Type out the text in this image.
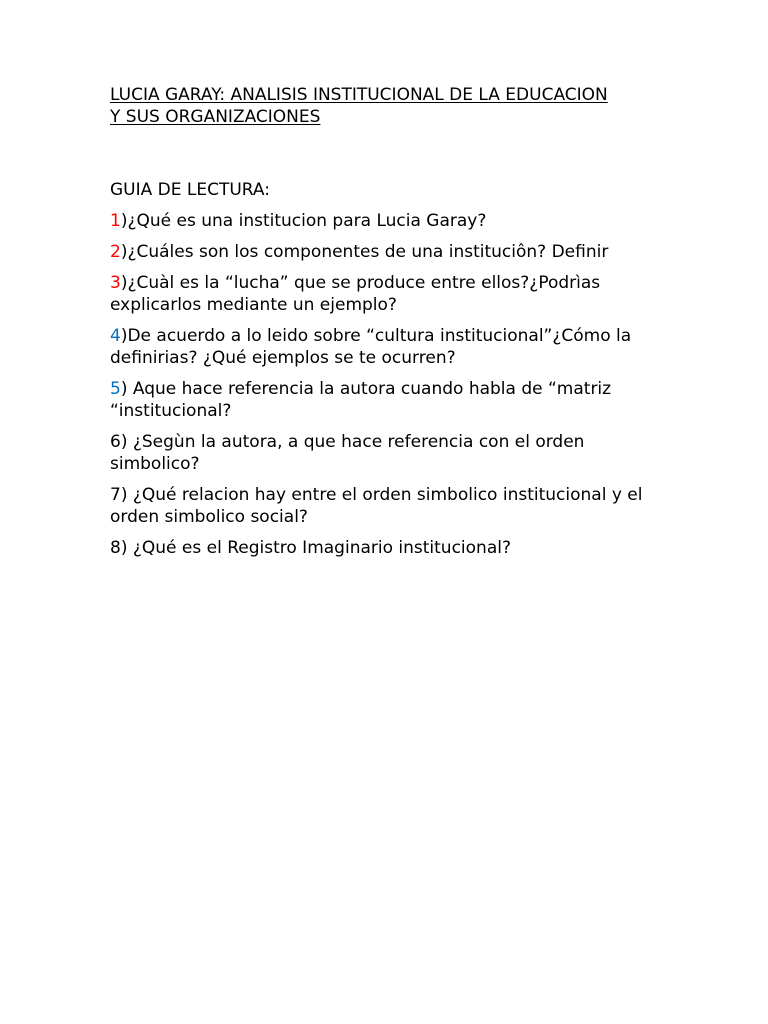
LUCIA GARAY: ANALISIS INSTITUCIONAL DE LA EDUCACION
Y SUS ORGANIZACIONES

GUIA DE LECTURA:

1)¿Qué es una institucion para Lucia Garay?
2)¿Cuáles son los componentes de una instituciôn? Definir
3)¿Cuàl es la “lucha” que se produce entre ellos?¿Podrìas explicarlos mediante un ejemplo?
4)De acuerdo a lo leido sobre “cultura institucional”¿Cómo la definirias? ¿Qué ejemplos se te ocurren?
5) Aque hace referencia la autora cuando habla de “matriz “institucional?
6) ¿Segùn la autora, a que hace referencia con el orden simbolico?
7) ¿Qué relacion hay entre el orden simbolico institucional y el orden simbolico social?
8) ¿Qué es el Registro Imaginario institucional?
